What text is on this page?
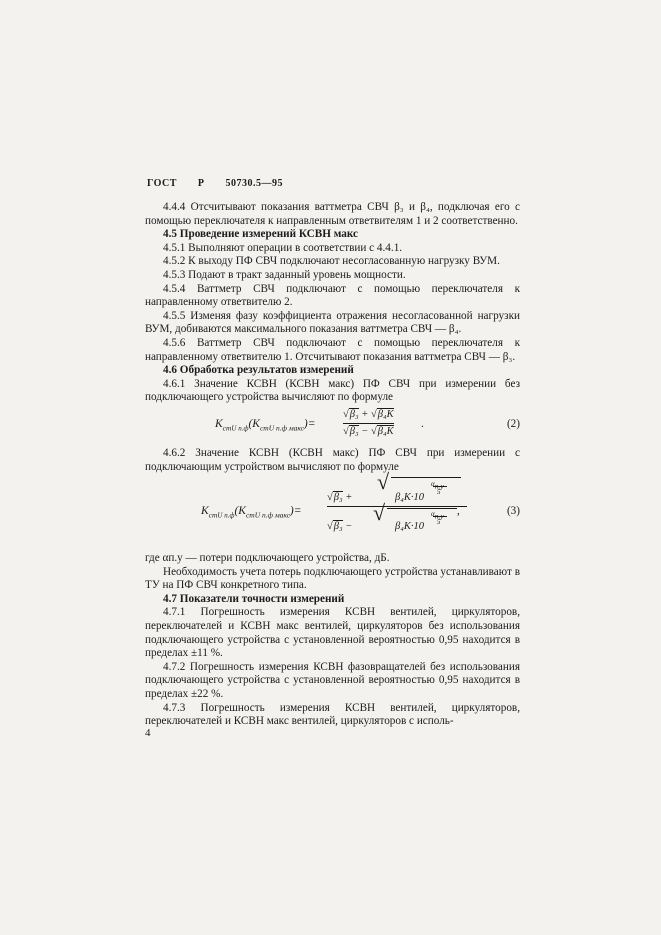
ГОСТ Р 50730.5—95

4.4.4 Отсчитывают показания ваттметра СВЧ β₃ и β₄, подключая его с помощью переключателя к направленным ответвителям 1 и 2 соответственно.

4.5 Проведение измерений КСВН макс

4.5.1 Выполняют операции в соответствии с 4.4.1.

4.5.2 К выходу ПФ СВЧ подключают несогласованную нагрузку ВУМ.

4.5.3 Подают в тракт заданный уровень мощности.

4.5.4 Ваттметр СВЧ подключают с помощью переключателя к направленному ответвителю 2.

4.5.5 Изменяя фазу коэффициента отражения несогласованной нагрузки ВУМ, добиваются максимального показания ваттметра СВЧ — β₄.

4.5.6 Ваттметр СВЧ подключают с помощью переключателя к направленному ответвителю 1. Отсчитывают показания ваттметра СВЧ — β₃.

4.6 Обработка результатов измерений

4.6.1 Значение КСВН (КСВН макс) ПФ СВЧ при измерении без подключающего устройства вычисляют по формуле

$K_{стU п.ф}(K_{стU п.ф макс})=$
√β₃ + √β₄K
√β₃ − √β₄K
.	(2)

4.6.2 Значение КСВН (КСВН макс) ПФ СВЧ при измерении с подключающим устройством вычисляют по формуле

$K_{стU п.ф}(K_{стU п.ф макс})=$
√β₃ +
√
β₄K·10
$\alpha_{п.у}$
5
√β₃ −
√
β₄K·10
$\alpha_{п.у}$
5
,	(3)

где αп.у — потери подключающего устройства, дБ.

Необходимость учета потерь подключающего устройства устанавливают в ТУ на ПФ СВЧ конкретного типа.

4.7 Показатели точности измерений

4.7.1 Погрешность измерения КСВН вентилей, циркуляторов, переключателей и КСВН макс вентилей, циркуляторов без использования подключающего устройства с установленной вероятностью 0,95 находится в пределах ±11 %.

4.7.2 Погрешность измерения КСВН фазовращателей без использования подключающего устройства с установленной вероятностью 0,95 находится в пределах ±22 %.

4.7.3 Погрешность измерения КСВН вентилей, циркуляторов, переключателей и КСВН макс вентилей, циркуляторов с исполь-

4
